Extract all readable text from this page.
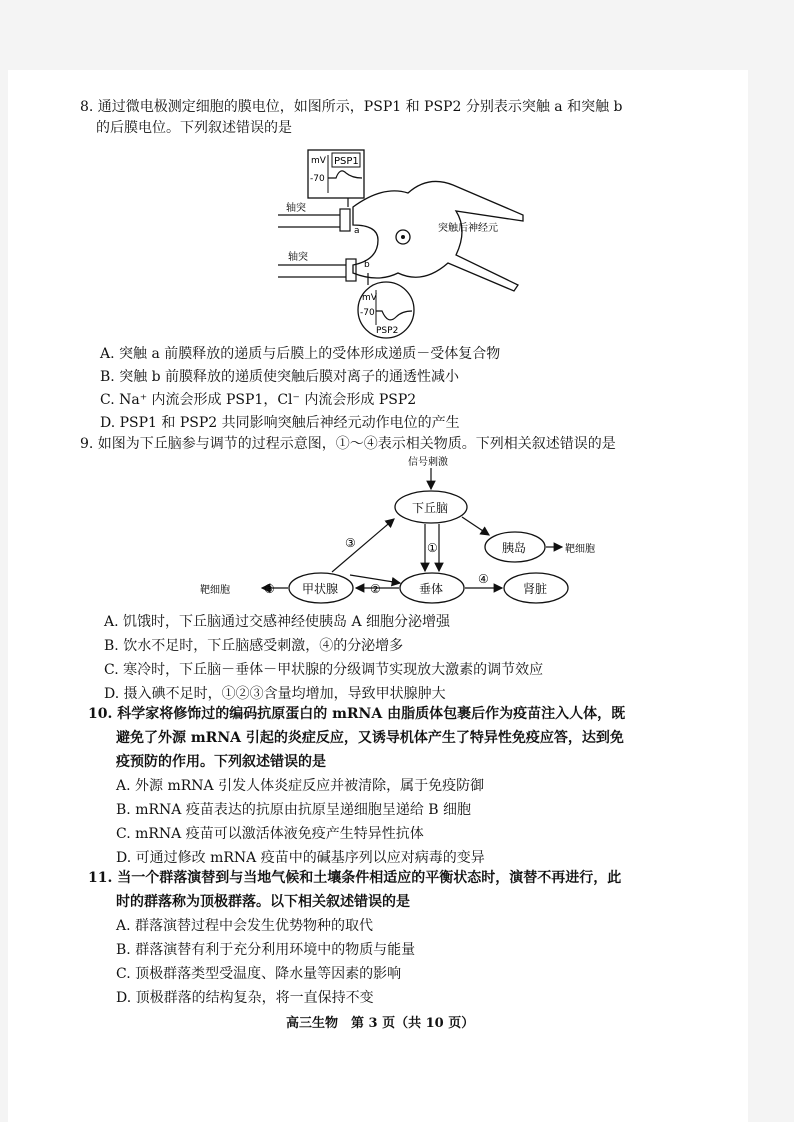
8. 通过微电极测定细胞的膜电位，如图所示，PSP1 和 PSP2 分别表示突触 a 和突触 b
的后膜电位。下列叙述错误的是
mV
-70
PSP1
轴突
a	突触后神经元
轴突
b
mV
-70
PSP2
A. 突触 a 前膜释放的递质与后膜上的受体形成递质－受体复合物
B. 突触 b 前膜释放的递质使突触后膜对离子的通透性减小
C. Na⁺ 内流会形成 PSP1，Cl⁻ 内流会形成 PSP2
D. PSP1 和 PSP2 共同影响突触后神经元动作电位的产生
9. 如图为下丘脑参与调节的过程示意图，①～④表示相关物质。下列相关叙述错误的是
信号刺激
下丘脑
胰岛	靶细胞
①
垂体
甲状腺	②
③
靶细胞
③
④
肾脏
A. 饥饿时，下丘脑通过交感神经使胰岛 A 细胞分泌增强
B. 饮水不足时，下丘脑感受刺激，④的分泌增多
C. 寒冷时，下丘脑－垂体－甲状腺的分级调节实现放大激素的调节效应
D. 摄入碘不足时，①②③含量均增加，导致甲状腺肿大
10. 科学家将修饰过的编码抗原蛋白的 mRNA 由脂质体包裹后作为疫苗注入人体，既
避免了外源 mRNA 引起的炎症反应，又诱导机体产生了特异性免疫应答，达到免
疫预防的作用。下列叙述错误的是
A. 外源 mRNA 引发人体炎症反应并被清除，属于免疫防御
B. mRNA 疫苗表达的抗原由抗原呈递细胞呈递给 B 细胞
C. mRNA 疫苗可以激活体液免疫产生特异性抗体
D. 可通过修改 mRNA 疫苗中的碱基序列以应对病毒的变异
11. 当一个群落演替到与当地气候和土壤条件相适应的平衡状态时，演替不再进行，此
时的群落称为顶极群落。以下相关叙述错误的是
A. 群落演替过程中会发生优势物种的取代
B. 群落演替有利于充分利用环境中的物质与能量
C. 顶极群落类型受温度、降水量等因素的影响
D. 顶极群落的结构复杂，将一直保持不变
高三生物　第 3 页（共 10 页）
